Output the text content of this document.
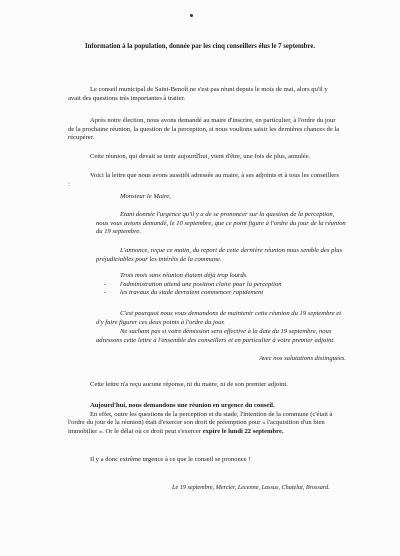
Information à la population, donnée par les cinq conseillers élus le 7 septembre.

Le conseil municipal de Saint-Benoît ne s'est pas réuni depuis le mois de mai, alors qu'il y avait des questions très importantes à traiter.

Après notre élection, nous avons demandé au maire d'inscrire, en particulier, à l'ordre du jour de la prochaine réunion, la question de la perception, si nous voulions saisir les dernières chances de la récupérer.

Cette réunion, qui devait se tenir aujourd'hui, vient d'être, une fois de plus, annulée.

Voici la lettre que nous avons aussitôt adressée au maire, à ses adjoints et à tous les conseillers :

Monsieur le Maire,

Etant donnée l'urgence qu'il y a de se prononcer sur la question de la perception, nous vous avions demandé, le 10 septembre, que ce point figure à l'ordre du jour de la réunion du 19 septembre.

L'annonce, reçue ce matin, du report de cette dernière réunion nous semble des plus préjudiciables pour les intérêts de la commune.

Trois mois sans réunion étaient déjà trop lourds.
- l'administration attend une position claire pour la perception
- les travaux du stade devraient commencer rapidement

C'est pourquoi nous vous demandons de maintenir cette réunion du 19 septembre et d'y faire figurer ces deux points à l'ordre du jour.

Ne sachant pas si votre démission sera effective à la date du 19 septembre, nous adressons cette lettre à l'ensemble des conseillers et en particulier à votre premier adjoint.

Avec nos salutations distinguées.

Cette lettre n'a reçu aucune réponse, ni du maire, ni de son premier adjoint.

Aujourd'hui, nous demandons une réunion en urgence du conseil.
En effet, outre les questions de la perception et du stade, l'intention de la commune (c'était à l'ordre du jour de la réunion) était d'exercer son droit de préemption pour « l'acquisition d'un bien immobilier ». Or le délai où ce droit peut s'exercer expire le lundi 22 septembre.

Il y a donc extrême urgence à ce que le conseil se prononce !

Le 19 septembre, Mercier, Lecenne, Lassus, Chatelut, Brossard.
